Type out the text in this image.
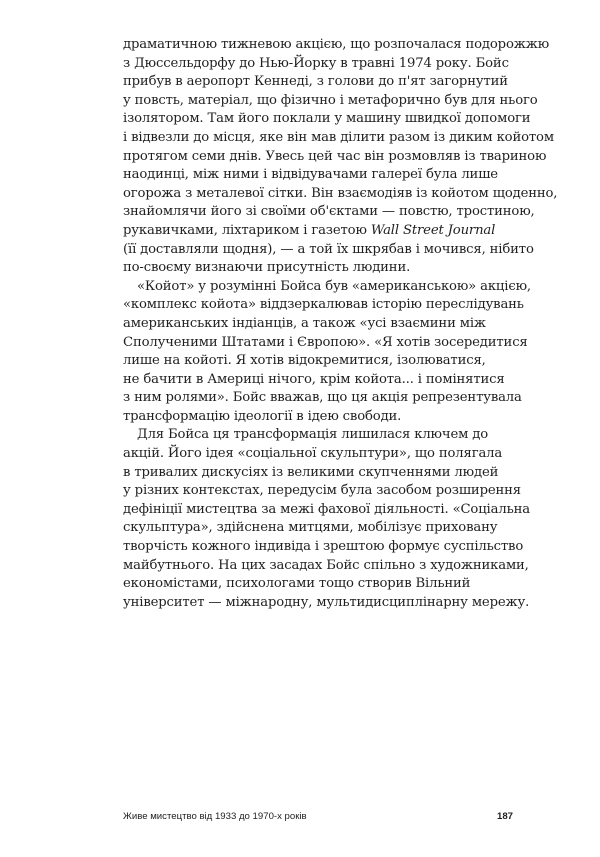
драматичною тижневою акцією, що розпочалася подорожжю
з Дюссельдорфу до Нью-Йорку в травні 1974 року. Бойс
прибув в аеропорт Кеннеді, з голови до п'ят загорнутий
у повсть, матеріал, що фізично і метафорично був для нього
ізолятором. Там його поклали у машину швидкої допомоги
і відвезли до місця, яке він мав ділити разом із диким койотом
протягом семи днів. Увесь цей час він розмовляв із твариною
наодинці, між ними і відвідувачами галереї була лише
огорожа з металевої сітки. Він взаємодіяв із койотом щоденно,
знайомлячи його зі своїми об'єктами — повстю, тростиною,
рукавичками, ліхтариком і газетою Wall Street Journal
(її доставляли щодня), — а той їх шкрябав і мочився, нібито
по-своєму визнаючи присутність людини.
«Койот» у розумінні Бойса був «американською» акцією,
«комплекс койота» віддзеркалював історію переслідувань
американських індіанців, а також «усі взаємини між
Сполученими Штатами і Європою». «Я хотів зосередитися
лише на койоті. Я хотів відокремитися, ізолюватися,
не бачити в Америці нічого, крім койота... і помінятися
з ним ролями». Бойс вважав, що ця акція репрезентувала
трансформацію ідеології в ідею свободи.
Для Бойса ця трансформація лишилася ключем до
акцій. Його ідея «соціальної скульптури», що полягала
в тривалих дискусіях із великими скупченнями людей
у різних контекстах, передусім була засобом розширення
дефініції мистецтва за межі фахової діяльності. «Соціальна
скульптура», здійснена митцями, мобілізує приховану
творчість кожного індивіда і зрештою формує суспільство
майбутнього. На цих засадах Бойс спільно з художниками,
економістами, психологами тощо створив Вільний
університет — міжнародну, мультидисциплінарну мережу.
Живе мистецтво від 1933 до 1970-х років	187
